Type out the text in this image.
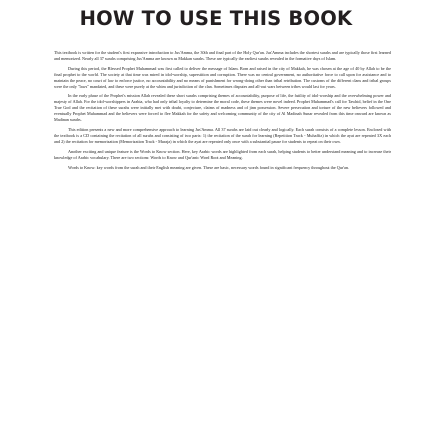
HOW TO USE THIS BOOK

This textbook is written for the student's first expansive introduction to Jus'Amma, the 30th and final part of the Holy Qur'an. Jus'Amma includes the shortest surahs and are typically those first learned and memorized. Nearly all 37 surahs comprising Jus'Amma are known as Makkan surahs. These are typically the earliest surahs revealed in the formative days of Islam.

During this period, the Blessed Prophet Muhammad was first called to deliver the message of Islam. Born and raised in the city of Makkah, he was chosen at the age of 40 by Allah to be the final prophet to the world. The society at that time was mired in idol-worship, superstition and corruption. There was no central government, no authoritative force to call upon for assistance and to maintain the peace, no court of law to enforce justice, no accountability and no means of punishment for wrong-doing other than tribal retribution. The customs of the different clans and tribal groups were the only "laws" mandated, and these were purely at the whim and jurisdiction of the clan. Sometimes disputes and all-out wars between tribes would last for years.

In the early phase of the Prophet's mission Allah revealed these short surahs comprising themes of accountability, purpose of life, the futility of idol-worship and the overwhelming power and majesty of Allah. For the idol-worshippers in Arabia, who had only tribal loyalty to determine the moral code, these themes were novel indeed. Prophet Muhammad's call for Tawhid, belief in the One True God and the recitation of these surahs were initially met with doubt, conjecture, claims of madness and of jinn possession. Severe persecution and torture of the new believers followed and eventually Prophet Muhammad and the believers were forced to flee Makkah for the safety and welcoming community of the city of Al Madinah Sunar revealed from this time onward are known as Madinan surahs.

This edition presents a new and more comprehensive approach to learning Jus'Amma. All 37 surahs are laid out clearly and logically. Each surah consists of a complete lesson. Enclosed with the textbook is a CD containing the recitation of all surahs and consisting of two parts: 1) the recitation of the surah for learning (Repetition Track - Muhaffiz) in which the ayat are repeated 3X each and 2) the recitation for memorization (Memorization Track - Muraja) in which the ayat are repeated only once with a substantial pause for students to repeat on their own.

Another exciting and unique feature is the Words to Know section. Here, key Arabic words are highlighted from each surah, helping students to better understand meaning and to increase their knowledge of Arabic vocabulary. There are two sections: Words to Know and Qur'anic Word Root and Meaning.

Words to Know: key words from the surah and their English meaning are given. These are basic, necessary words found in significant frequency throughout the Qur'an.
